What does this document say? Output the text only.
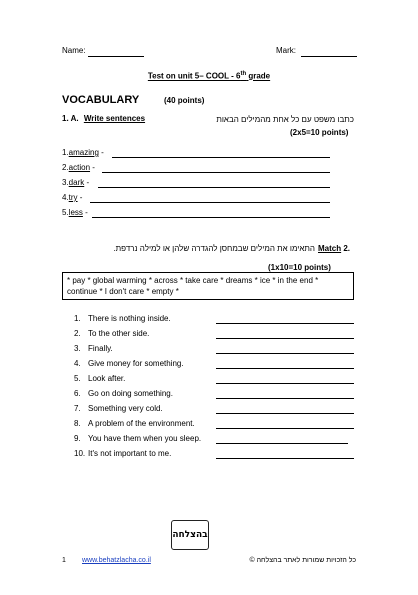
Name:	Mark:
Test on unit 5– COOL - 6th grade
VOCABULARY	(40 points)
1. A. Write sentences	כתבו משפט עם כל אחת מהמילים הבאות
(2x5=10 points)
1.amazing -
2.action -
3.dark -
4.try -
5.less -
התאימו את המילים שבמחסן להגדרה שלהן או למילה נרדפת. Match 2.
(1x10=10 points)
* pay * global warming * across * take care * dreams * ice * in the end *
continue * I don't care * empty *
1. There is nothing inside.
2. To the other side.
3. Finally.
4. Give money for something.
5. Look after.
6. Go on doing something.
7. Something very cold.
8. A problem of the environment.
9. You have them when you sleep.
10. It's not important to me.
בהצלחה
1 www.behatzlacha.co.il	כל הזכויות שמורות לאתר בהצלחה ©
